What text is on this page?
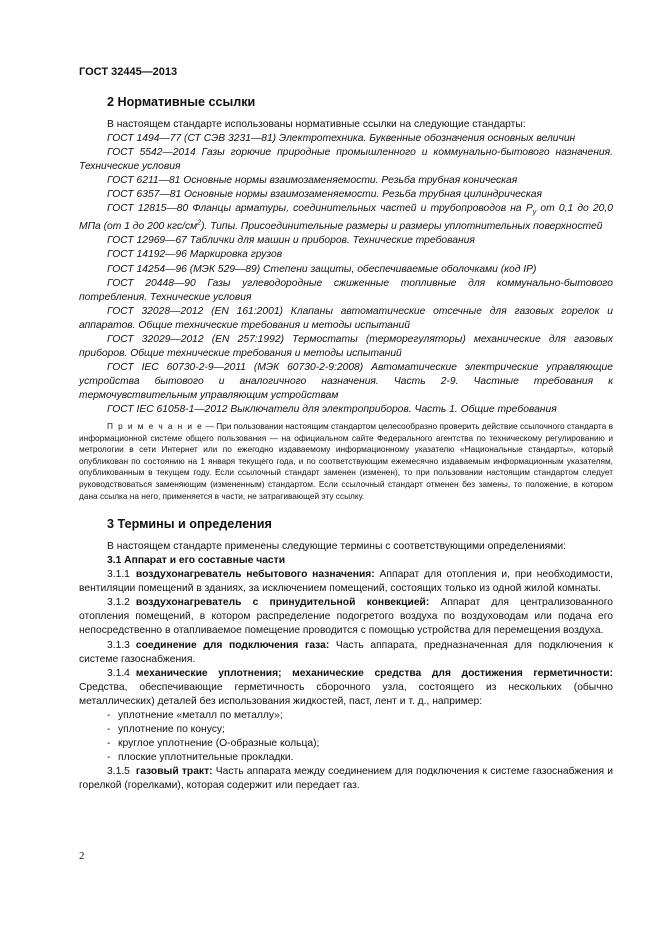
ГОСТ 32445—2013
2 Нормативные ссылки

В настоящем стандарте использованы нормативные ссылки на следующие стандарты:

ГОСТ 1494—77 (СТ СЭВ 3231—81) Электротехника. Буквенные обозначения основных величин

ГОСТ 5542—2014 Газы горючие природные промышленного и коммунально-бытового назначения. Технические условия

ГОСТ 6211—81 Основные нормы взаимозаменяемости. Резьба трубная коническая

ГОСТ 6357—81 Основные нормы взаимозаменяемости. Резьба трубная цилиндрическая

ГОСТ 12815—80 Фланцы арматуры, соединительных частей и трубопроводов на $P_у$ от 0,1 до 20,0 МПа (от 1 до 200 кгс/$см^2$). Типы. Присоединительные размеры и размеры уплотнительных поверхностей

ГОСТ 12969—67 Таблички для машин и приборов. Технические требования

ГОСТ 14192—96 Маркировка грузов

ГОСТ 14254—96 (МЭК 529—89) Степени защиты, обеспечиваемые оболочками (код IP)

ГОСТ 20448—90 Газы углеводородные сжиженные топливные для коммунально-бытового потребления. Технические условия

ГОСТ 32028—2012 (EN 161:2001) Клапаны автоматические отсечные для газовых горелок и аппаратов. Общие технические требования и методы испытаний

ГОСТ 32029—2012 (EN 257:1992) Термостаты (терморегуляторы) механические для газовых приборов. Общие технические требования и методы испытаний

ГОСТ IEC 60730-2-9—2011 (МЭК 60730-2-9:2008) Автоматические электрические управляющие устройства бытового и аналогичного назначения. Часть 2-9. Частные требования к термочувствительным управляющим устройствам

ГОСТ IEC 61058-1—2012 Выключатели для электроприборов. Часть 1. Общие требования

П р и м е ч а н и е — При пользовании настоящим стандартом целесообразно проверить действие ссылочного стандарта в информационной системе общего пользования — на официальном сайте Федерального агентства по техническому регулированию и метрологии в сети Интернет или по ежегодно издаваемому информационному указателю «Национальные стандарты», который опубликован по состоянию на 1 января текущего года, и по соответствующим ежемесячно издаваемым информационным указателям, опубликованным в текущем году. Если ссылочный стандарт заменен (изменен), то при пользовании настоящим стандартом следует руководствоваться заменяющим (измененным) стандартом. Если ссылочный стандарт отменен без замены, то положение, в котором дана ссылка на него, применяется в части, не затрагивающей эту ссылку.

3 Термины и определения

В настоящем стандарте применены следующие термины с соответствующими определениями:

3.1 Аппарат и его составные части

3.1.1 воздухонагреватель небытового назначения: Аппарат для отопления и, при необходимости, вентиляции помещений в зданиях, за исключением помещений, состоящих только из одной жилой комнаты.

3.1.2 воздухонагреватель с принудительной конвекцией: Аппарат для централизованного отопления помещений, в котором распределение подогретого воздуха по воздуховодам или подача его непосредственно в отапливаемое помещение проводится с помощью устройства для перемещения воздуха.

3.1.3 соединение для подключения газа: Часть аппарата, предназначенная для подключения к системе газоснабжения.

3.1.4 механические уплотнения; механические средства для достижения герметичности: Средства, обеспечивающие герметичность сборочного узла, состоящего из нескольких (обычно металлических) деталей без использования жидкостей, паст, лент и т. д., например:

- уплотнение «металл по металлу»;
- уплотнение по конусу;
- круглое уплотнение (О-образные кольца);
- плоские уплотнительные прокладки.

3.1.5 газовый тракт: Часть аппарата между соединением для подключения к системе газоснабжения и горелкой (горелками), которая содержит или передает газ.

2
